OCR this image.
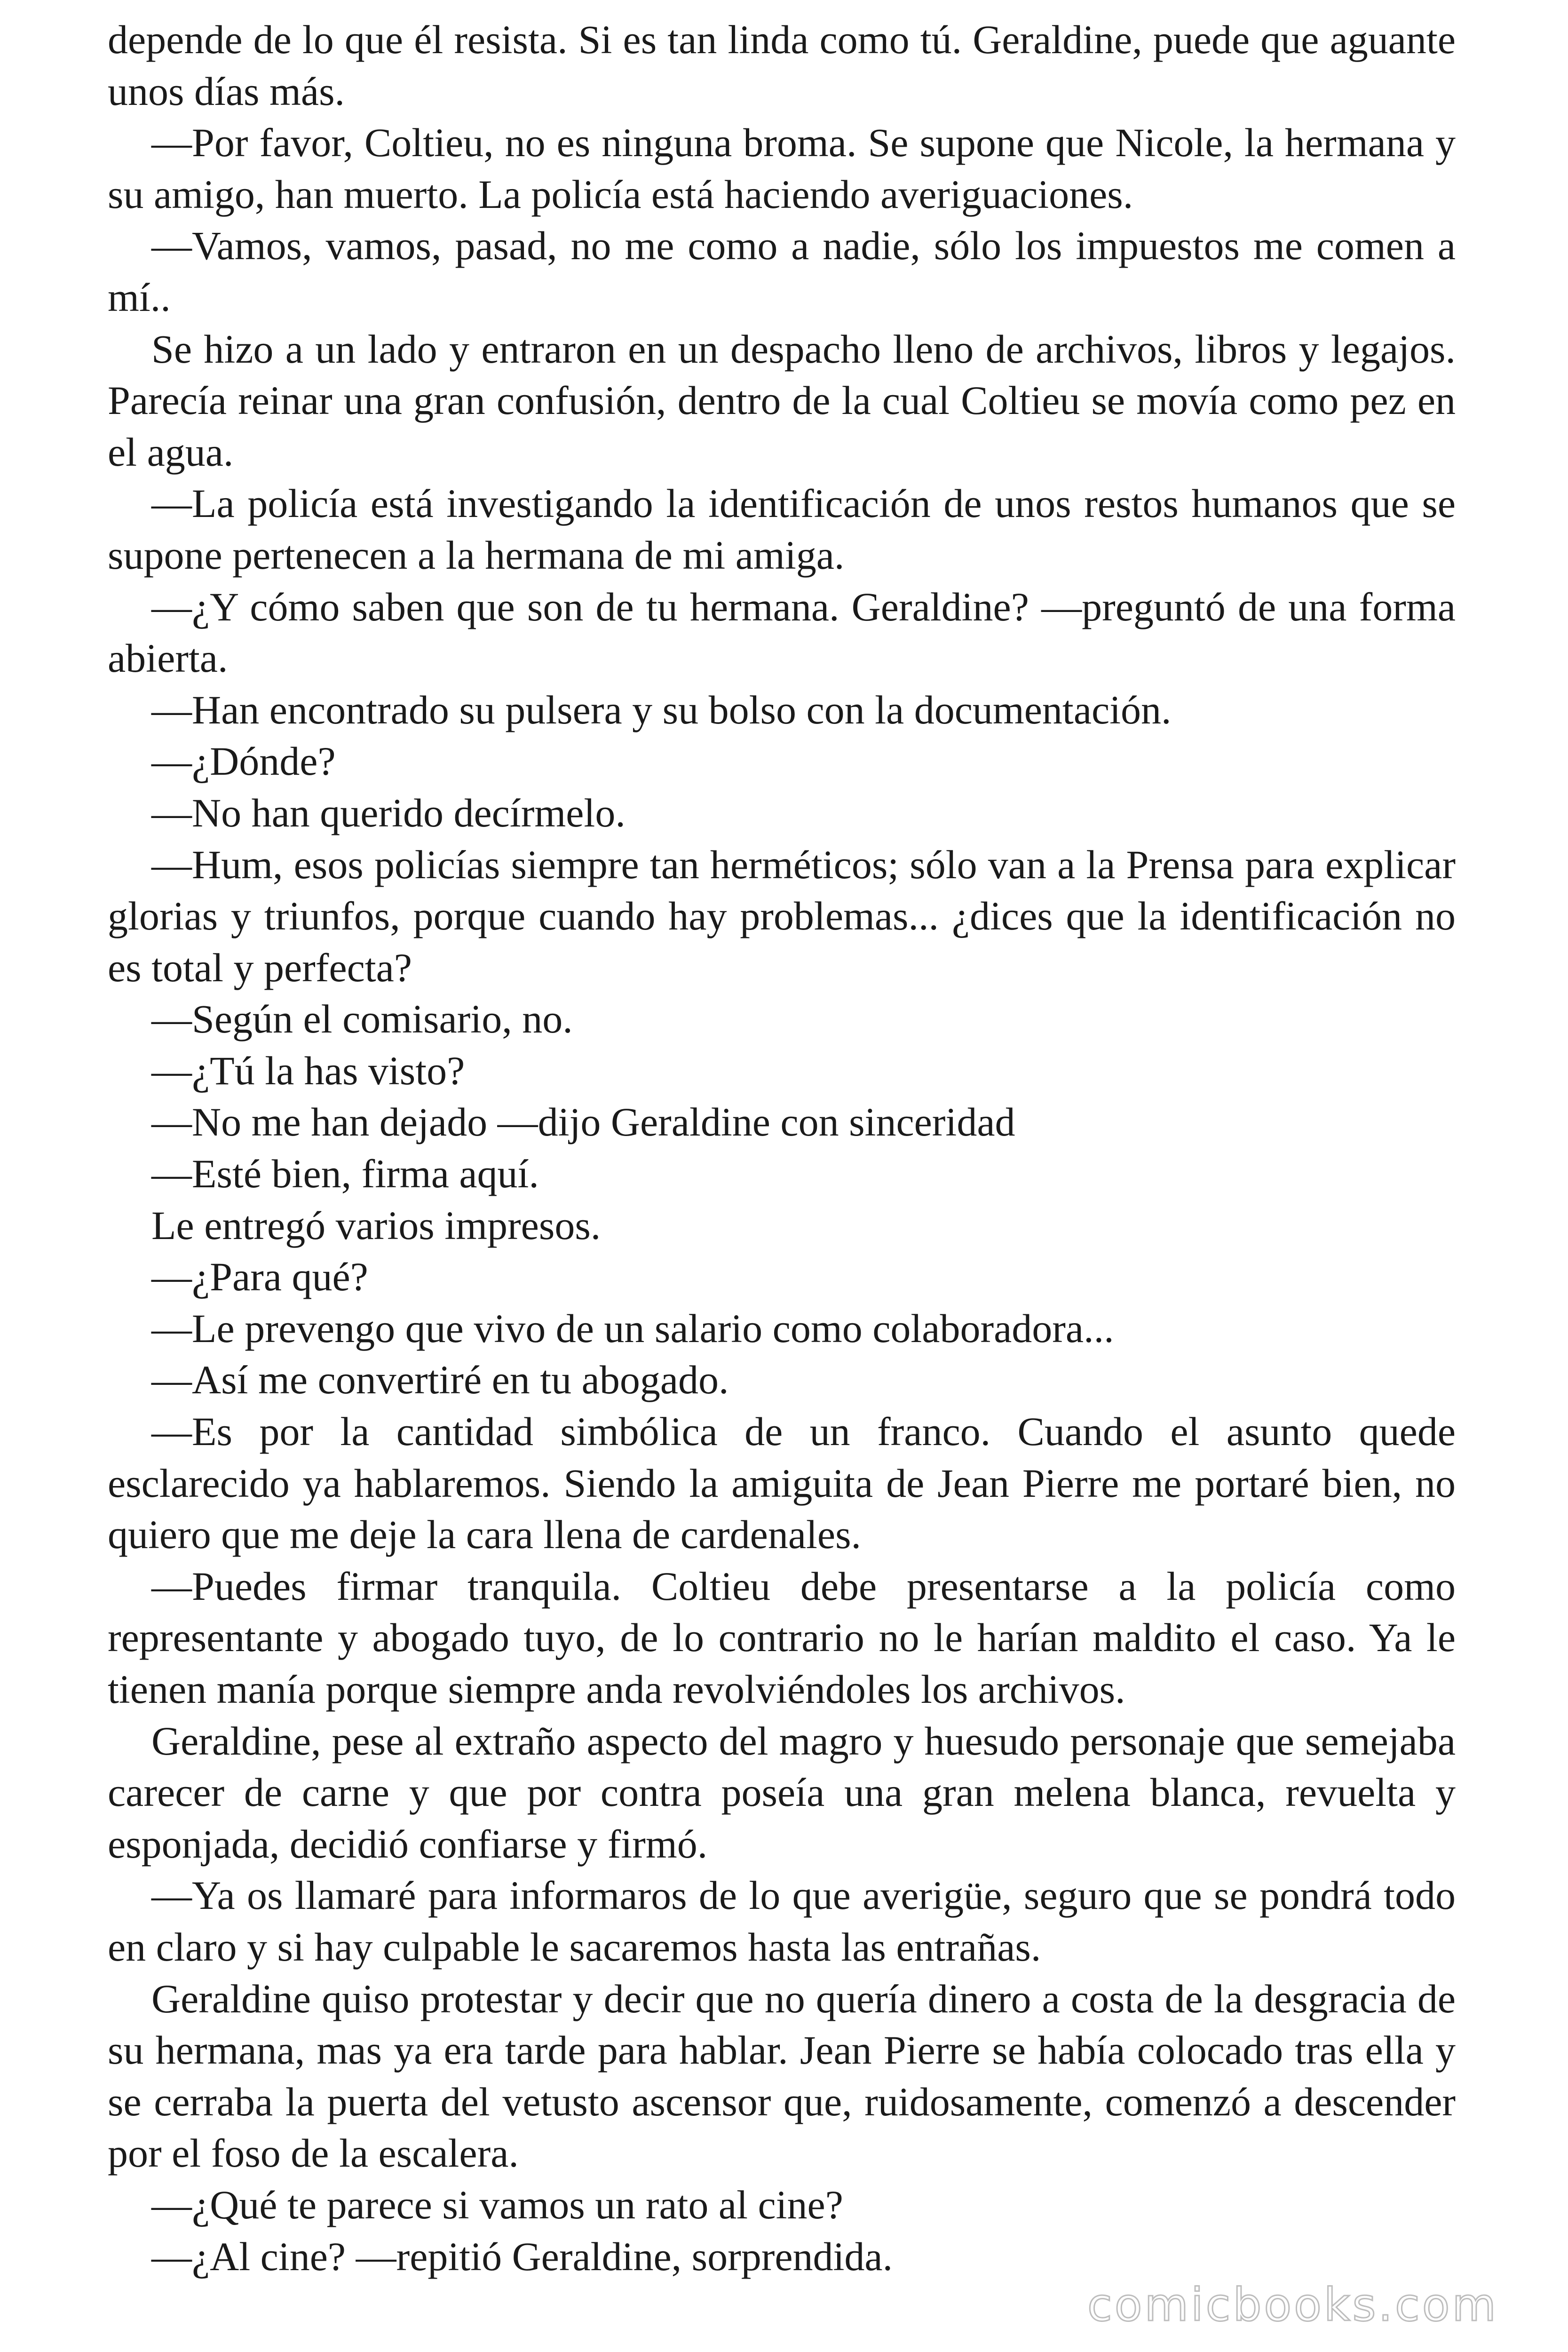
depende de lo que él resista. Si es tan linda como tú. Geraldine, puede que aguante unos días más.

—Por favor, Coltieu, no es ninguna broma. Se supone que Nicole, la hermana y su amigo, han muerto. La policía está haciendo averiguaciones.

—Vamos, vamos, pasad, no me como a nadie, sólo los impuestos me comen a mí..

Se hizo a un lado y entraron en un despacho lleno de archivos, libros y legajos. Parecía reinar una gran confusión, dentro de la cual Coltieu se movía como pez en el agua.

—La policía está investigando la identificación de unos restos humanos que se supone pertenecen a la hermana de mi amiga.

—¿Y cómo saben que son de tu hermana. Geraldine? —preguntó de una forma abierta.

—Han encontrado su pulsera y su bolso con la documentación.

—¿Dónde?

—No han querido decírmelo.

—Hum, esos policías siempre tan herméticos; sólo van a la Prensa para explicar glorias y triunfos, porque cuando hay problemas... ¿dices que la identificación no es total y perfecta?

—Según el comisario, no.

—¿Tú la has visto?

—No me han dejado —dijo Geraldine con sinceridad

—Esté bien, firma aquí.

Le entregó varios impresos.

—¿Para qué?

—Le prevengo que vivo de un salario como colaboradora...

—Así me convertiré en tu abogado.

—Es por la cantidad simbólica de un franco. Cuando el asunto quede esclarecido ya hablaremos. Siendo la amiguita de Jean Pierre me portaré bien, no quiero que me deje la cara llena de cardenales.

—Puedes firmar tranquila. Coltieu debe presentarse a la policía como representante y abogado tuyo, de lo contrario no le harían maldito el caso. Ya le tienen manía porque siempre anda revolviéndoles los archivos.

Geraldine, pese al extraño aspecto del magro y huesudo personaje que semejaba carecer de carne y que por contra poseía una gran melena blanca, revuelta y esponjada, decidió confiarse y firmó.

—Ya os llamaré para informaros de lo que averigüe, seguro que se pondrá todo en claro y si hay culpable le sacaremos hasta las entrañas.

Geraldine quiso protestar y decir que no quería dinero a costa de la desgracia de su hermana, mas ya era tarde para hablar. Jean Pierre se había colocado tras ella y se cerraba la puerta del vetusto ascensor que, ruidosamente, comenzó a descender por el foso de la escalera.

—¿Qué te parece si vamos un rato al cine?

—¿Al cine? —repitió Geraldine, sorprendida.

comicbooks.com
